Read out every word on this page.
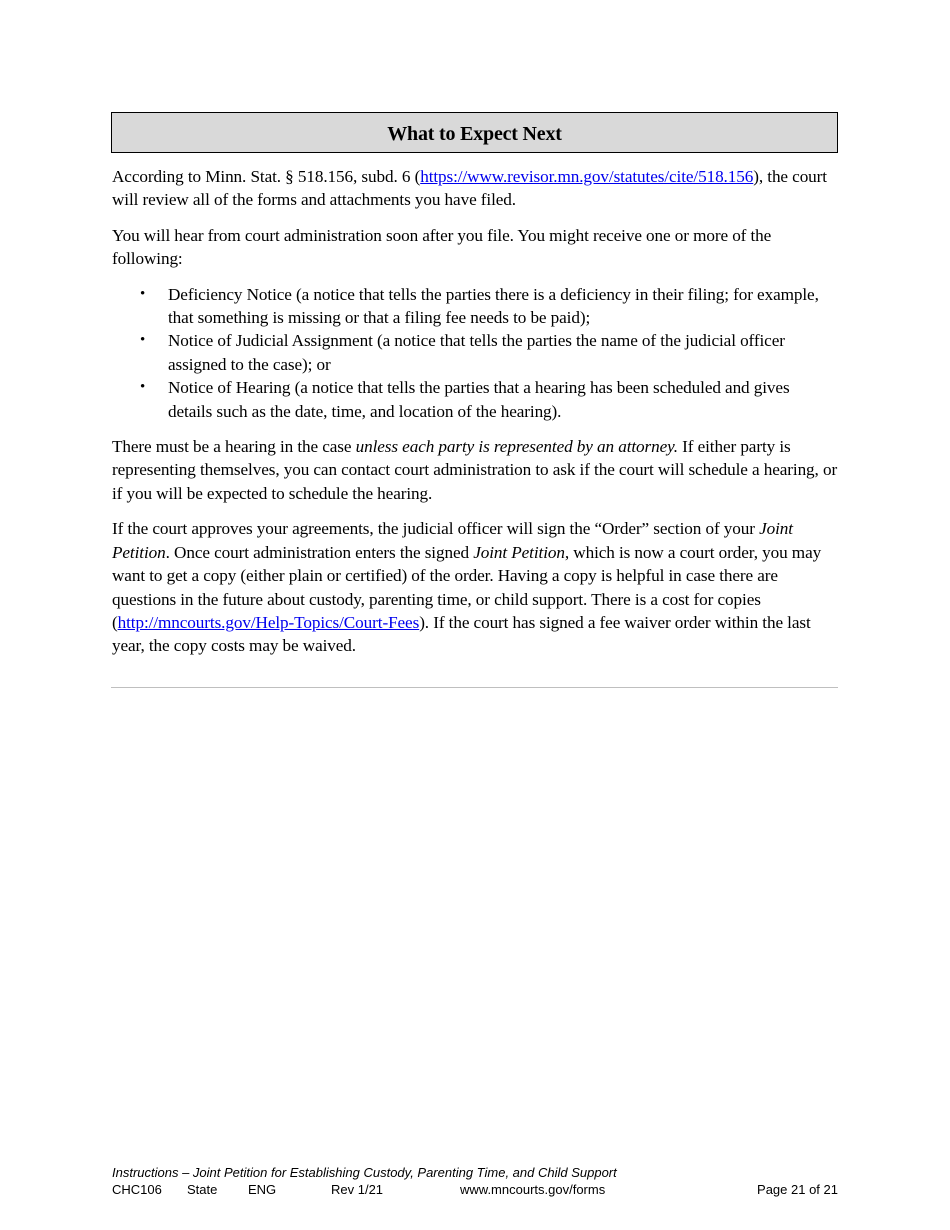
What to Expect Next

According to Minn. Stat. § 518.156, subd. 6 (https://www.revisor.mn.gov/statutes/cite/518.156), the court will review all of the forms and attachments you have filed.

You will hear from court administration soon after you file. You might receive one or more of the following:

• Deficiency Notice (a notice that tells the parties there is a deficiency in their filing; for example, that something is missing or that a filing fee needs to be paid);
• Notice of Judicial Assignment (a notice that tells the parties the name of the judicial officer assigned to the case); or
• Notice of Hearing (a notice that tells the parties that a hearing has been scheduled and gives details such as the date, time, and location of the hearing).

There must be a hearing in the case unless each party is represented by an attorney. If either party is representing themselves, you can contact court administration to ask if the court will schedule a hearing, or if you will be expected to schedule the hearing.

If the court approves your agreements, the judicial officer will sign the “Order” section of your Joint Petition. Once court administration enters the signed Joint Petition, which is now a court order, you may want to get a copy (either plain or certified) of the order. Having a copy is helpful in case there are questions in the future about custody, parenting time, or child support. There is a cost for copies (http://mncourts.gov/Help-Topics/Court-Fees). If the court has signed a fee waiver order within the last year, the copy costs may be waived.

Instructions – Joint Petition for Establishing Custody, Parenting Time, and Child Support
CHC106 State ENG	Rev 1/21	www.mncourts.gov/forms	Page 21 of 21
